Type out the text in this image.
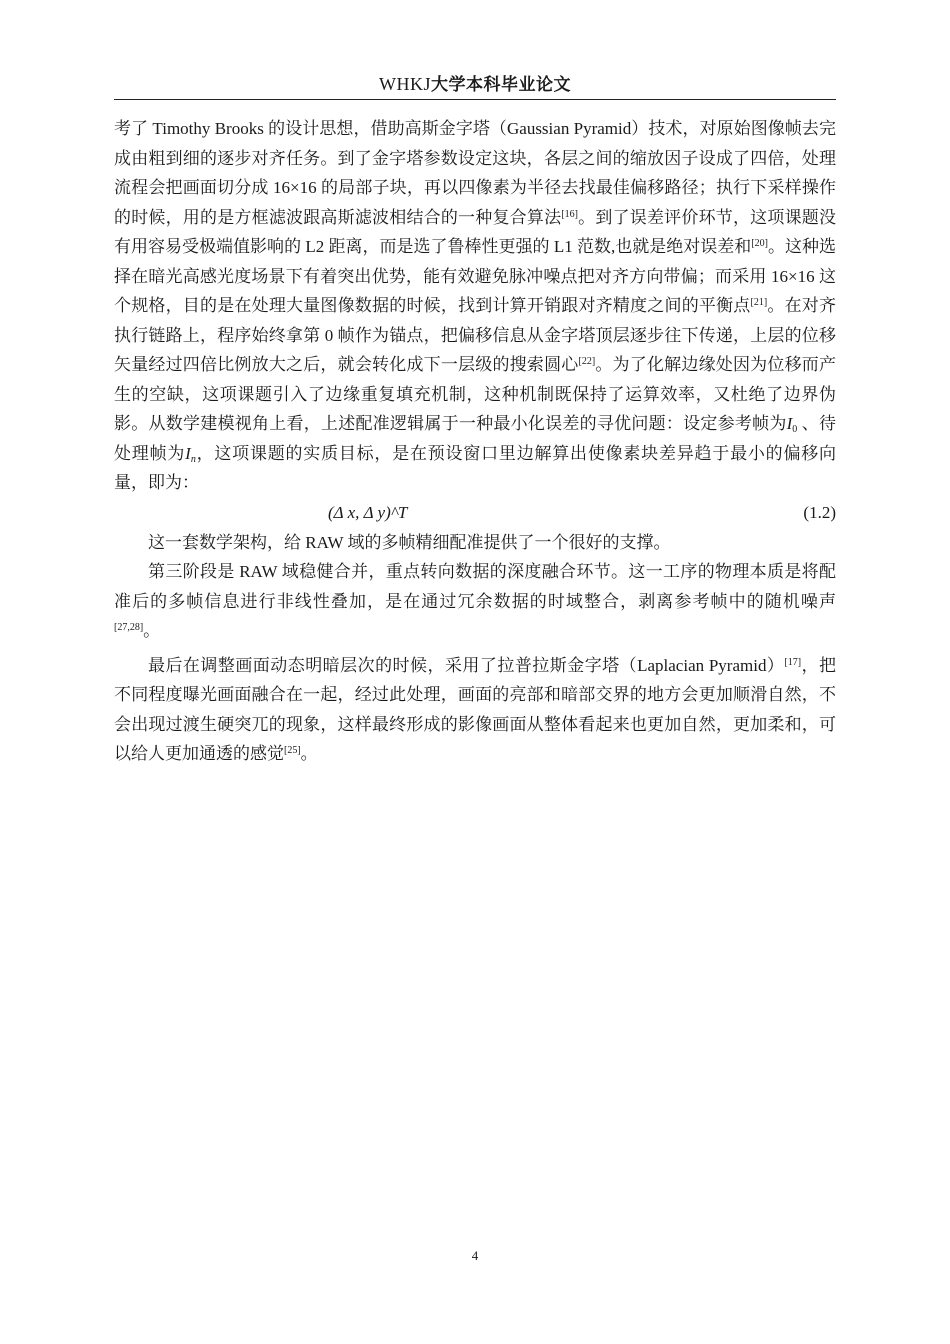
WHKJ大学本科毕业论文

考了 Timothy Brooks 的设计思想，借助高斯金字塔（Gaussian Pyramid）技术，对原始图像帧去完成由粗到细的逐步对齐任务。到了金字塔参数设定这块，各层之间的缩放因子设成了四倍，处理流程会把画面切分成 16×16 的局部子块，再以四像素为半径去找最佳偏移路径；执行下采样操作的时候，用的是方框滤波跟高斯滤波相结合的一种复合算法[16]。到了误差评价环节，这项课题没有用容易受极端值影响的 L2 距离，而是选了鲁棒性更强的 L1 范数,也就是绝对误差和[20]。这种选择在暗光高感光度场景下有着突出优势，能有效避免脉冲噪点把对齐方向带偏；而采用 16×16 这个规格，目的是在处理大量图像数据的时候，找到计算开销跟对齐精度之间的平衡点[21]。在对齐执行链路上，程序始终拿第 0 帧作为锚点，把偏移信息从金字塔顶层逐步往下传递，上层的位移矢量经过四倍比例放大之后，就会转化成下一层级的搜索圆心[22]。为了化解边缘处因为位移而产生的空缺，这项课题引入了边缘重复填充机制，这种机制既保持了运算效率，又杜绝了边界伪影。从数学建模视角上看，上述配准逻辑属于一种最小化误差的寻优问题：设定参考帧为$I_0$ 、待处理帧为$I_n$，这项课题的实质目标，是在预设窗口里边解算出使像素块差异趋于最小的偏移向量，即为：

(Δ x, Δ y)^T	(1.2)

这一套数学架构，给 RAW 域的多帧精细配准提供了一个很好的支撑。

第三阶段是 RAW 域稳健合并，重点转向数据的深度融合环节。这一工序的物理本质是将配准后的多帧信息进行非线性叠加，是在通过冗余数据的时域整合，剥离参考帧中的随机噪声[27,28]。

最后在调整画面动态明暗层次的时候，采用了拉普拉斯金字塔（Laplacian Pyramid）[17]，把不同程度曝光画面融合在一起，经过此处理，画面的亮部和暗部交界的地方会更加顺滑自然，不会出现过渡生硬突兀的现象，这样最终形成的影像画面从整体看起来也更加自然，更加柔和，可以给人更加通透的感觉[25]。

4
